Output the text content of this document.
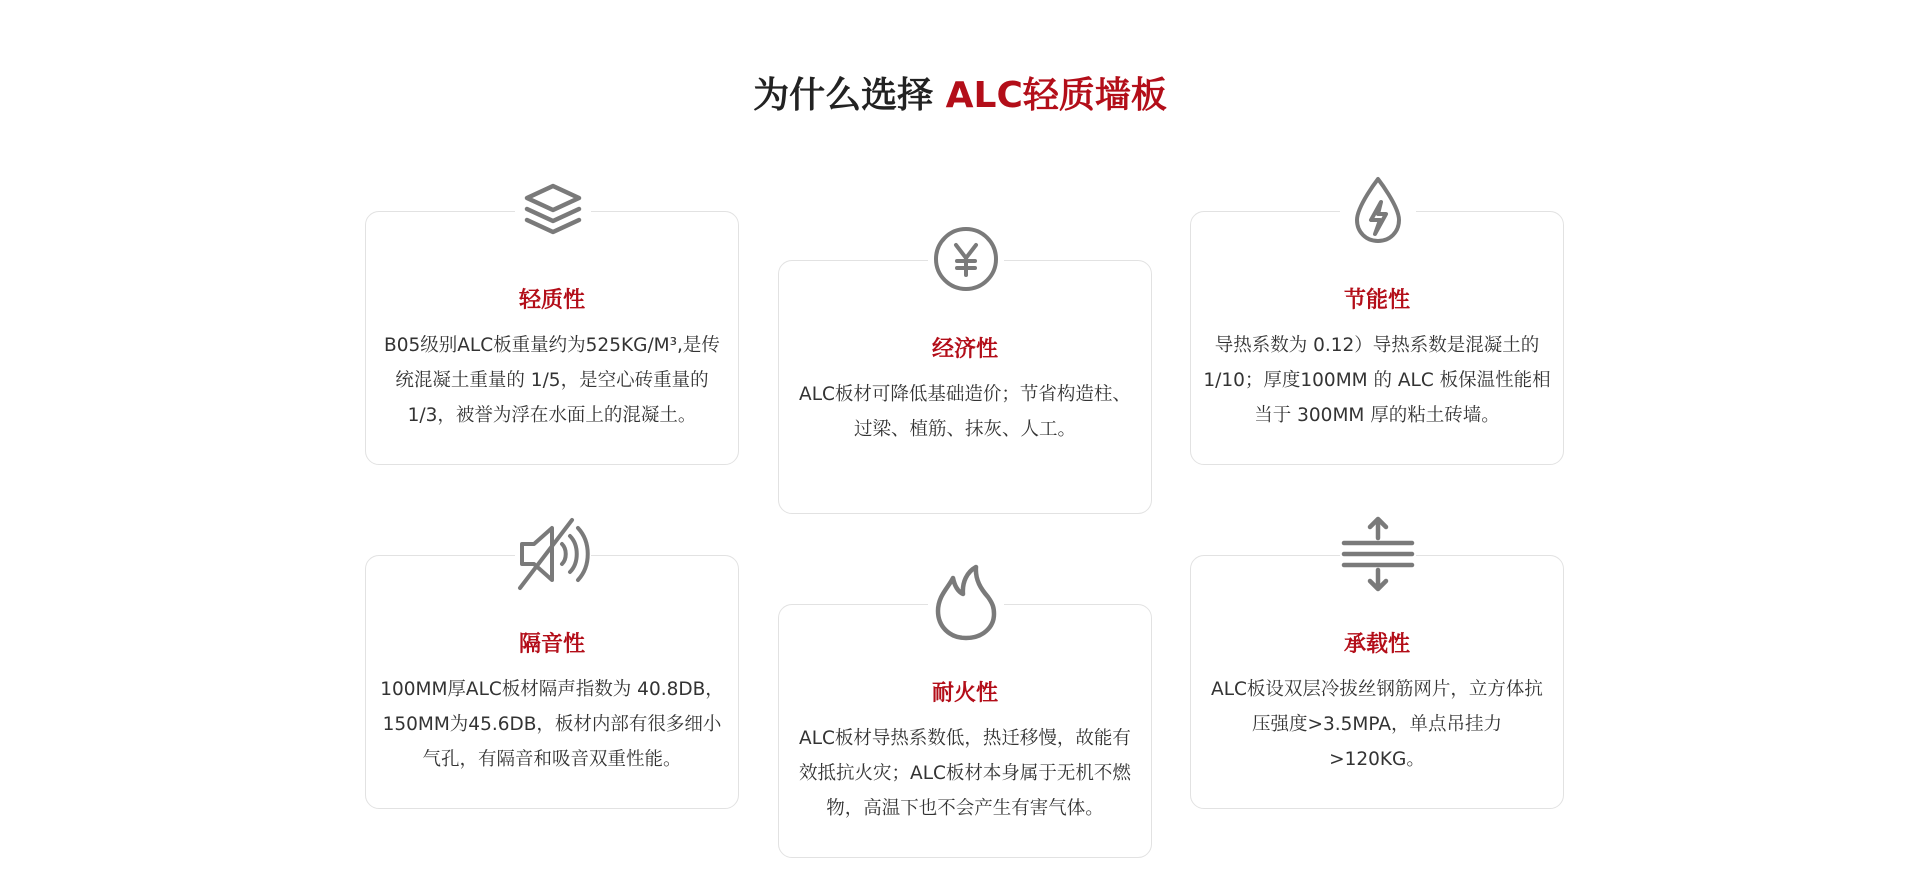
为什么选择 ALC轻质墙板
轻质性
B05级别ALC板重量约为525KG/M³,是传统混凝土重量的 1/5，是空心砖重量的 1/3，被誉为浮在水面上的混凝土。
经济性
ALC板材可降低基础造价；节省构造柱、过梁、植筋、抹灰、人工。
节能性
导热系数为 0.12）导热系数是混凝土的 1/10；厚度100MM 的 ALC 板保温性能相当于 300MM 厚的粘土砖墙。
隔音性
100MM厚ALC板材隔声指数为 40.8DB，150MM为45.6DB，板材内部有很多细小气孔，有隔音和吸音双重性能。
耐火性
ALC板材导热系数低，热迁移慢，故能有效抵抗火灾；ALC板材本身属于无机不燃物，高温下也不会产生有害气体。
承载性
ALC板设双层冷拔丝钢筋网片，立方体抗压强度>3.5MPA，单点吊挂力 >120KG。
